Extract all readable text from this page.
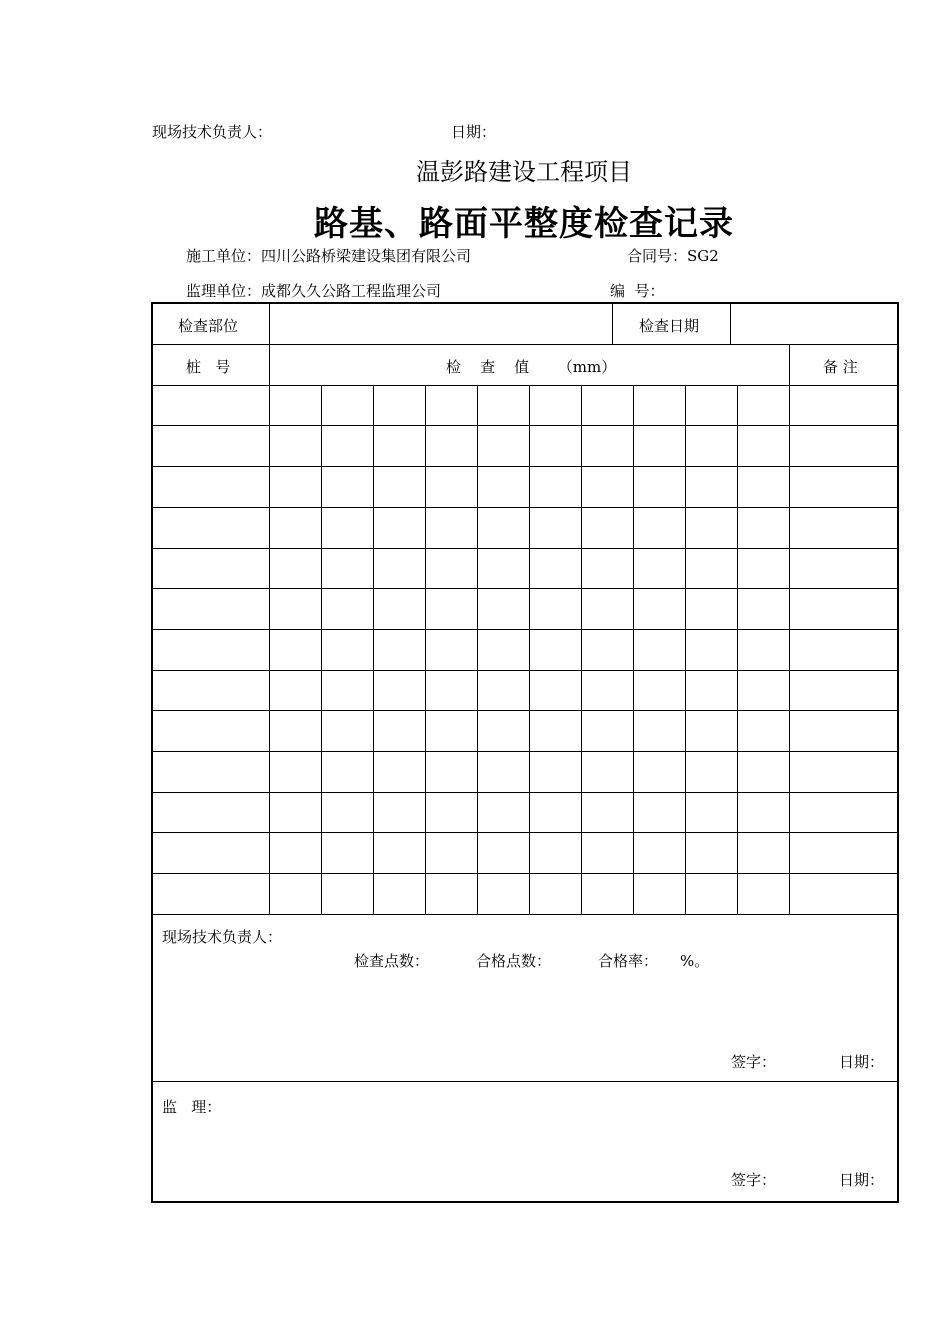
现场技术负责人：	日期：
温彭路建设工程项目
路基、路面平整度检查记录
施工单位：四川公路桥梁建设集团有限公司	合同号：SG2
监理单位：成都久久公路工程监理公司	编  号：
检查部位	检查日期
桩   号	检    查    值      （mm）	备 注
现场技术负责人：
检查点数：	合格点数：	合格率： %。
签字：	日期：
监   理：
签字：	日期：
